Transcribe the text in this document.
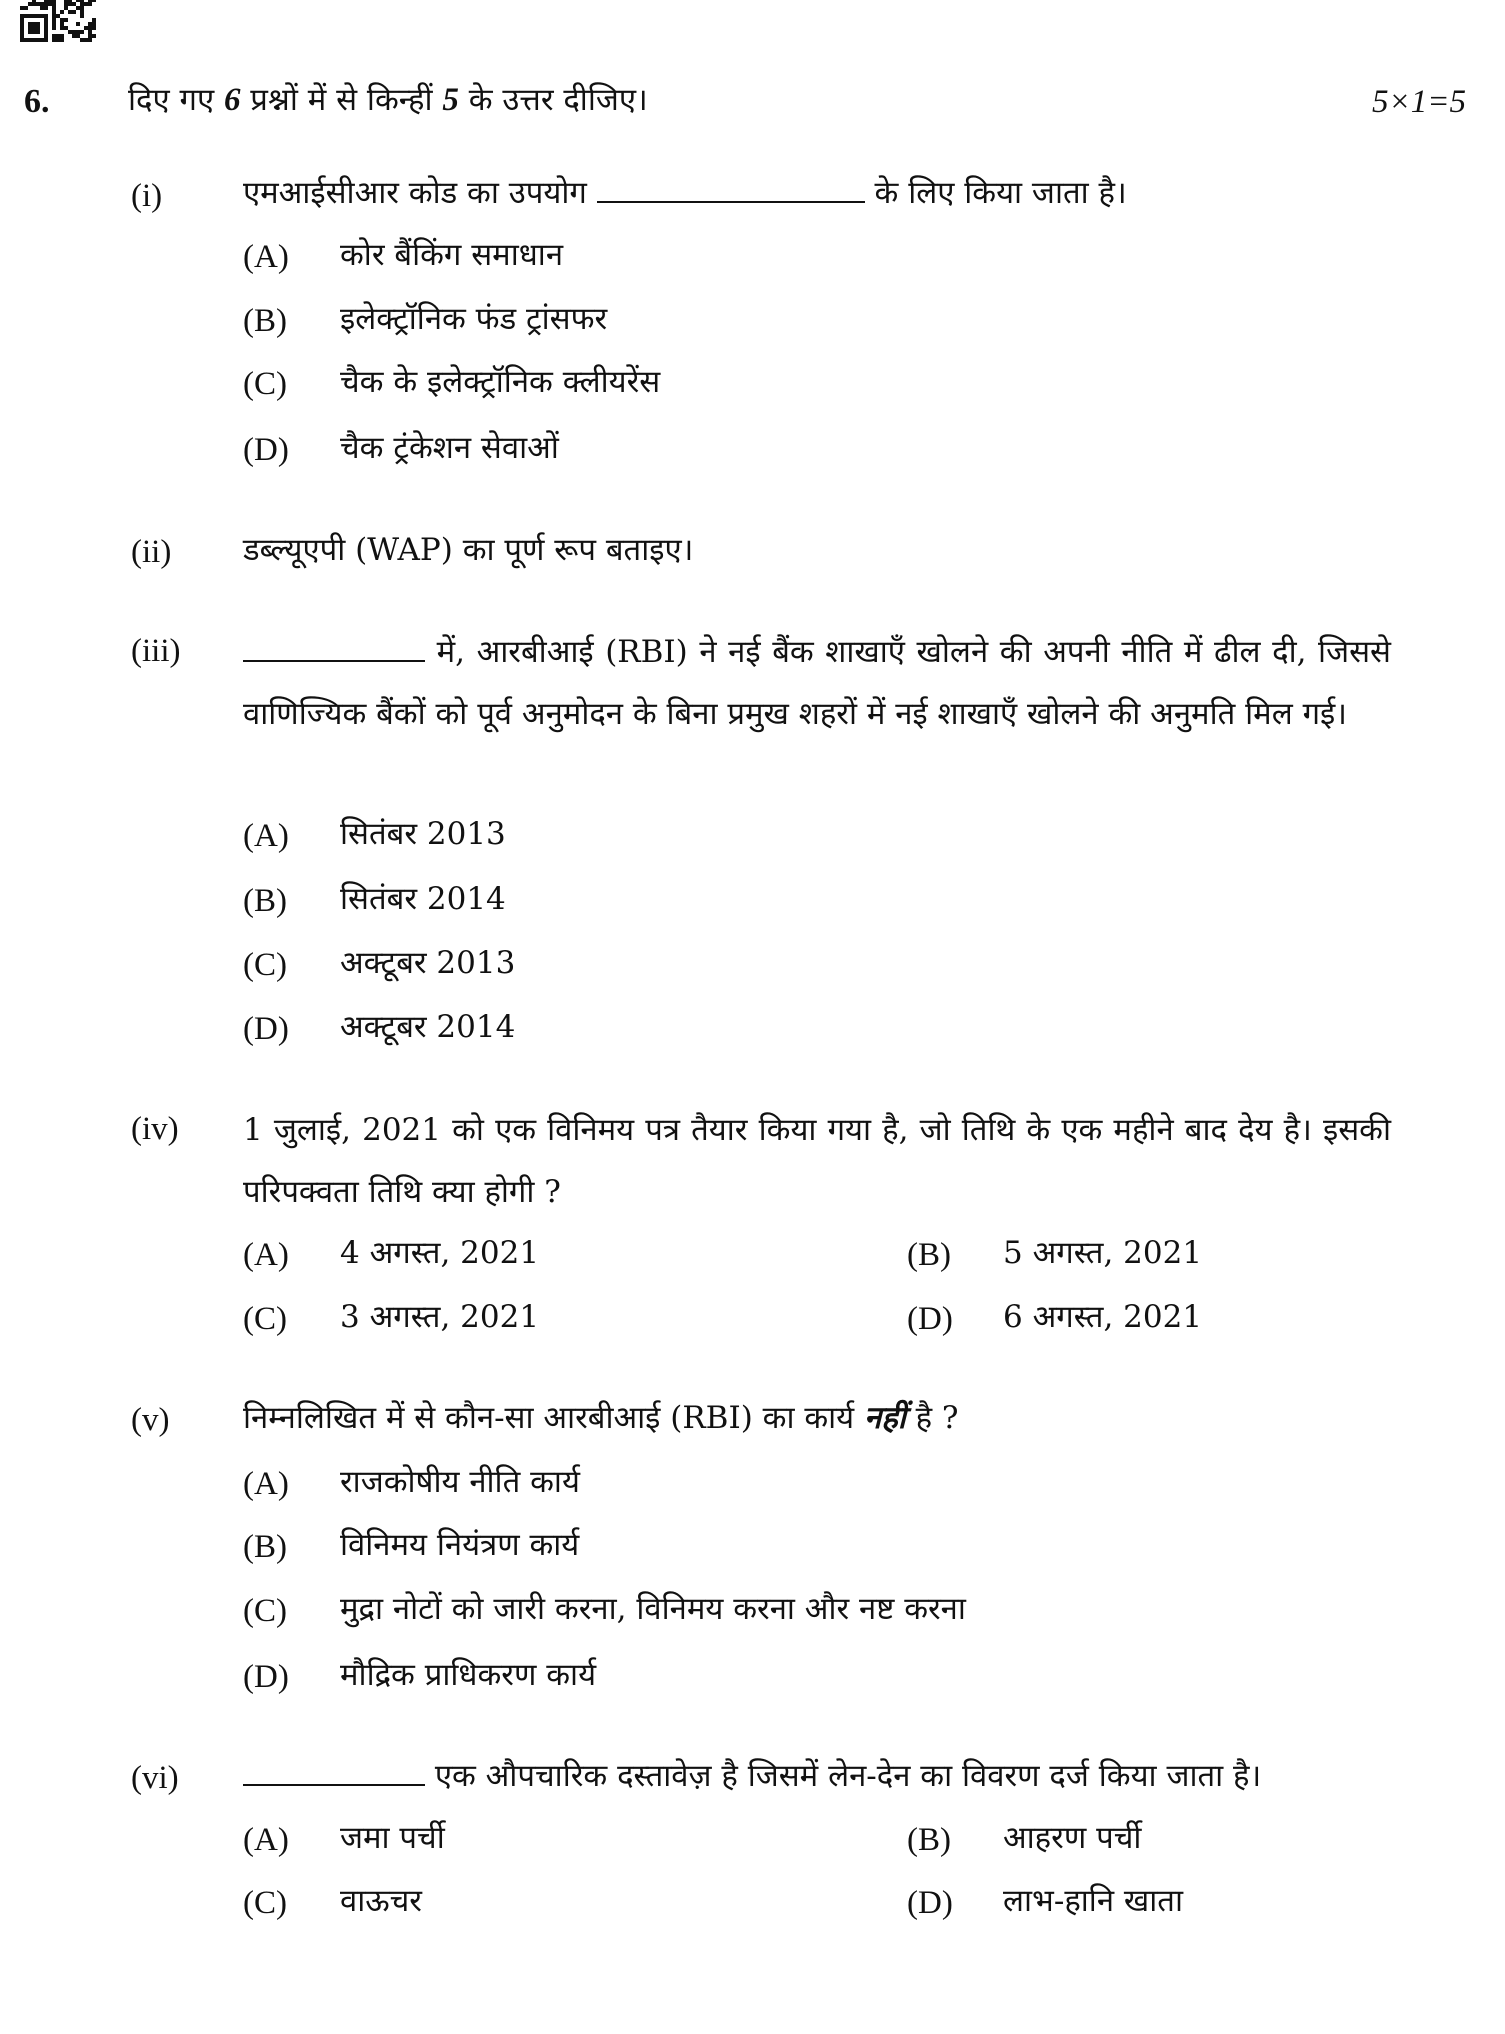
6.	दिए गए 6 प्रश्नों में से किन्हीं 5 के उत्तर दीजिए।	5×1=5
(i)	एमआईसीआर कोड का उपयोग	के लिए किया जाता है।
(A) कोर बैंकिंग समाधान
(B) इलेक्ट्रॉनिक फंड ट्रांसफर
(C) चैक के इलेक्ट्रॉनिक क्लीयरेंस
(D) चैक ट्रंकेशन सेवाओं
(ii) डब्ल्यूएपी (WAP) का पूर्ण रूप बताइए।
(iii)	में, आरबीआई (RBI) ने नई बैंक शाखाएँ खोलने की अपनी नीति में ढील दी, जिससे वाणिज्यिक बैंकों को पूर्व अनुमोदन के बिना प्रमुख शहरों में नई शाखाएँ खोलने की अनुमति मिल गई।
(A) सितंबर 2013
(B) सितंबर 2014
(C) अक्टूबर 2013
(D) अक्टूबर 2014
(iv) 1 जुलाई, 2021 को एक विनिमय पत्र तैयार किया गया है, जो तिथि के एक महीने बाद देय है। इसकी परिपक्वता तिथि क्या होगी ?
(A) 4 अगस्त, 2021	(B) 5 अगस्त, 2021
(C) 3 अगस्त, 2021	(D) 6 अगस्त, 2021
(v) निम्नलिखित में से कौन-सा आरबीआई (RBI) का कार्य नहीं है ?
(A) राजकोषीय नीति कार्य
(B) विनिमय नियंत्रण कार्य
(C) मुद्रा नोटों को जारी करना, विनिमय करना और नष्ट करना
(D) मौद्रिक प्राधिकरण कार्य
(vi)	एक औपचारिक दस्तावेज़ है जिसमें लेन-देन का विवरण दर्ज किया जाता है।
(A) जमा पर्ची	(B) आहरण पर्ची
(C) वाऊचर	(D) लाभ-हानि खाता
